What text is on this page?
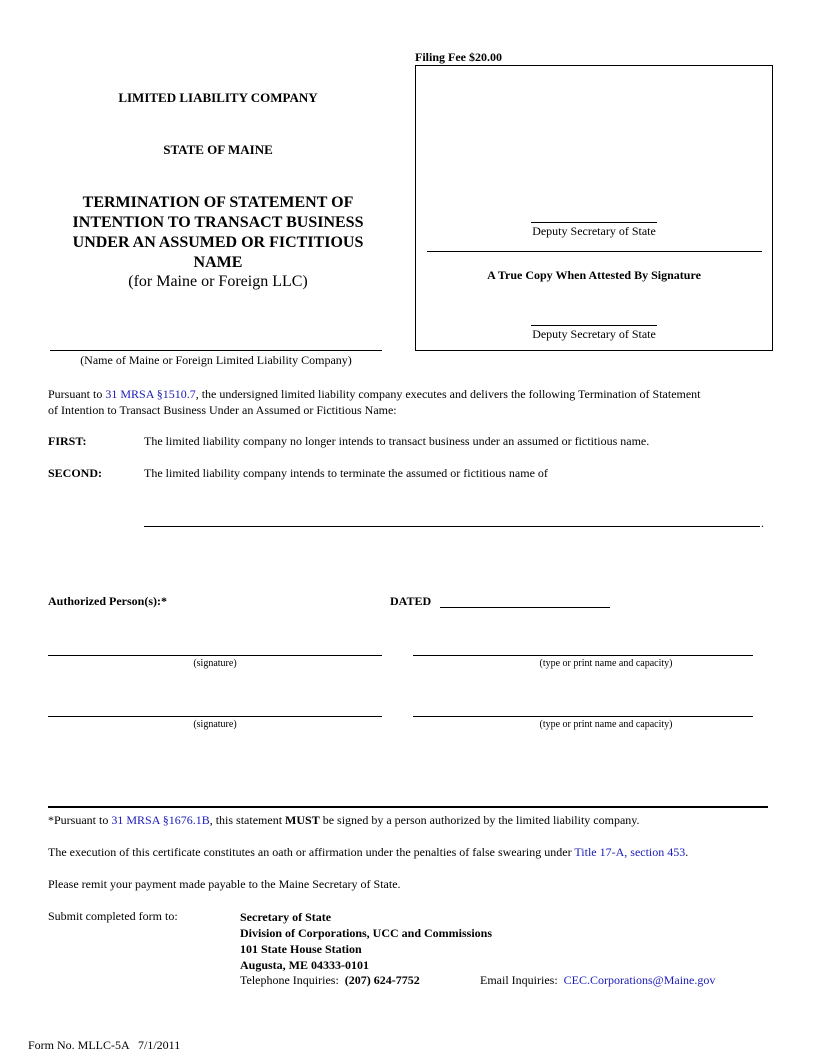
Filing Fee $20.00
LIMITED LIABILITY COMPANY
STATE OF MAINE
TERMINATION OF STATEMENT OF
INTENTION TO TRANSACT BUSINESS
UNDER AN ASSUMED OR FICTITIOUS
NAME
(for Maine or Foreign LLC)
(Name of Maine or Foreign Limited Liability Company)
Deputy Secretary of State
A True Copy When Attested By Signature
Deputy Secretary of State
Pursuant to 31 MRSA §1510.7, the undersigned limited liability company executes and delivers the following Termination of Statement
of Intention to Transact Business Under an Assumed or Fictitious Name:
FIRST:	The limited liability company no longer intends to transact business under an assumed or fictitious name.
SECOND:	The limited liability company intends to terminate the assumed or fictitious name of
.
Authorized Person(s):*	DATED
(signature)	(type or print name and capacity)
(signature)	(type or print name and capacity)
*Pursuant to 31 MRSA §1676.1B, this statement MUST be signed by a person authorized by the limited liability company.
The execution of this certificate constitutes an oath or affirmation under the penalties of false swearing under Title 17-A, section 453.
Please remit your payment made payable to the Maine Secretary of State.
Submit completed form to:	Secretary of State
Division of Corporations, UCC and Commissions
101 State House Station
Augusta, ME 04333-0101
Telephone Inquiries: (207) 624-7752	Email Inquiries: CEC.Corporations@Maine.gov
Form No. MLLC-5A   7/1/2011
